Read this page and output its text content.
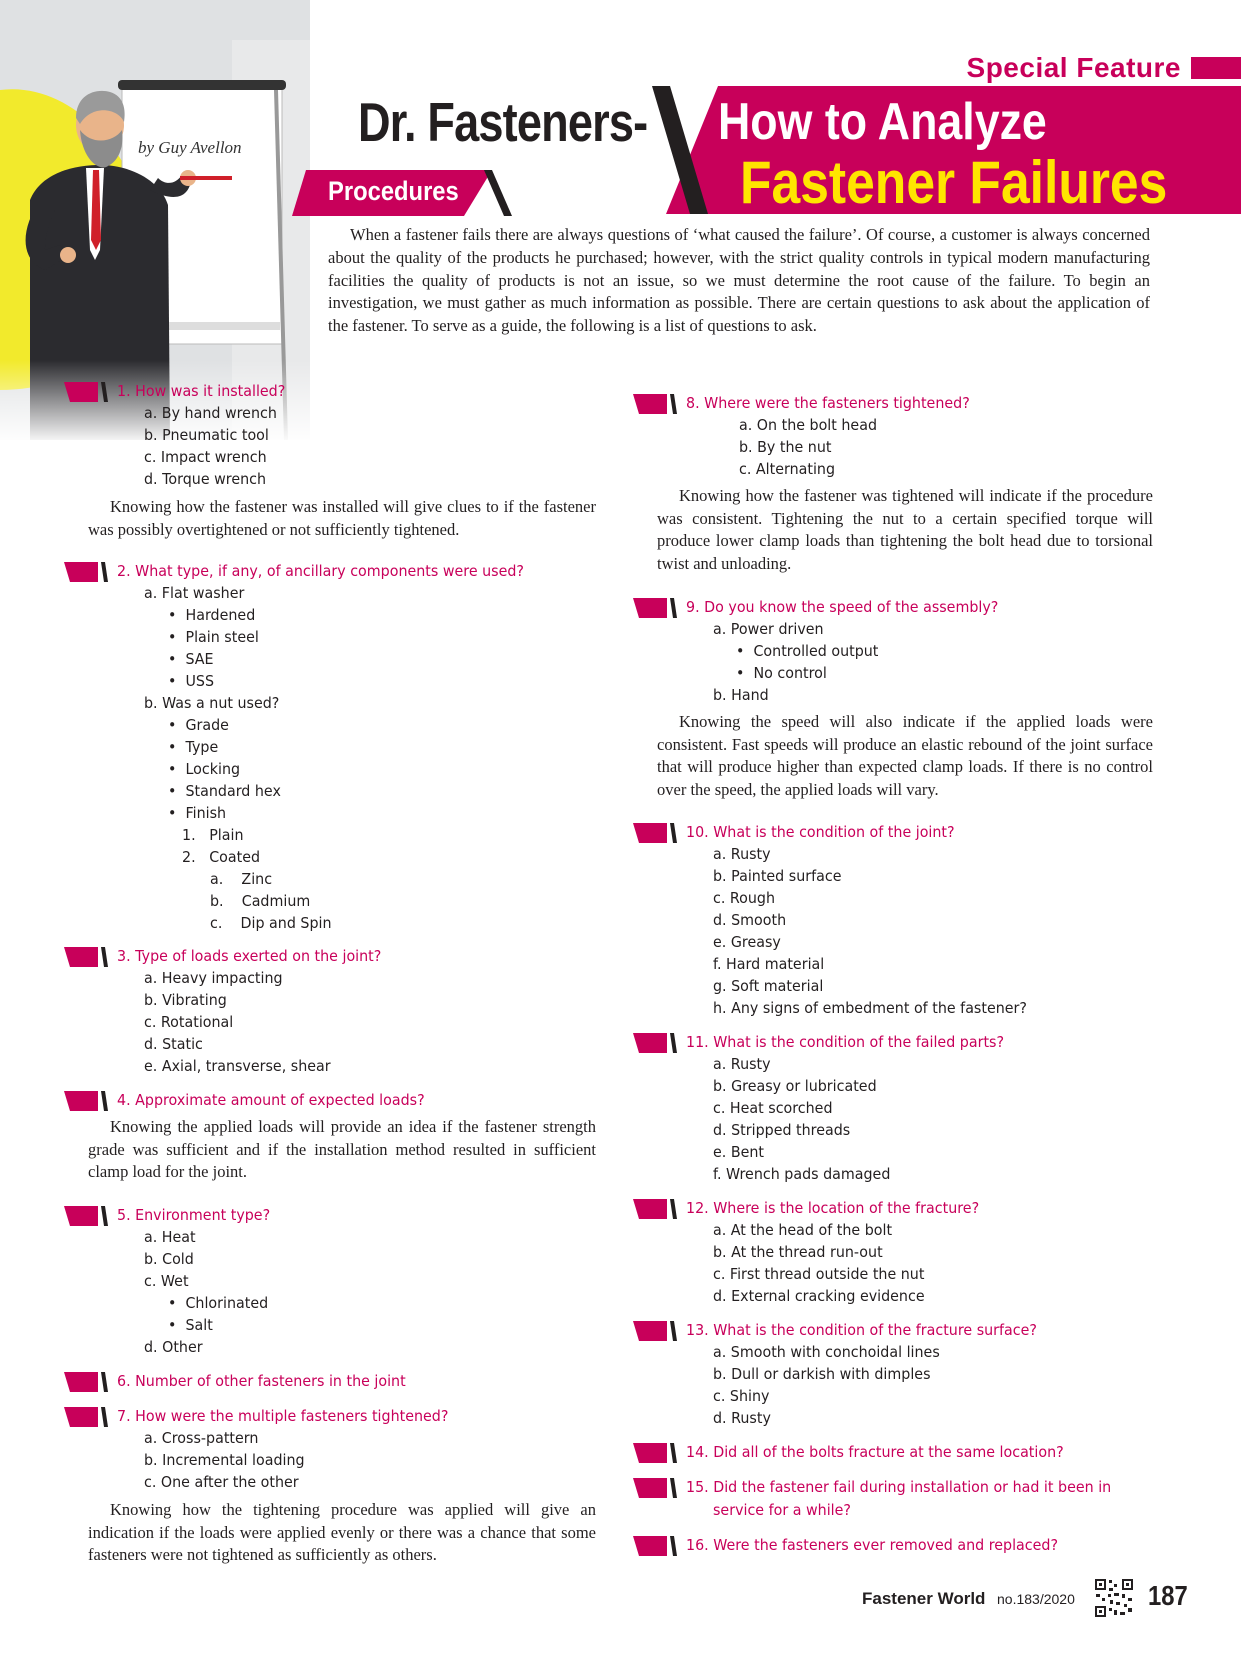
by Guy Avellon
Special Feature
Dr. Fasteners- How to Analyze
Fastener Failures
Procedures
When a fastener fails there are always questions of ‘what caused the failure’. Of course, a customer is always concerned about the quality of the products he purchased; however, with the strict quality controls in typical modern manufacturing facilities the quality of products is not an issue, so we must determine the root cause of the failure. To begin an investigation, we must gather as much information as possible. There are certain questions to ask about the application of the fastener. To serve as a guide, the following is a list of questions to ask.
1. How was it installed?
a. By hand wrench
b. Pneumatic tool
c. Impact wrench
d. Torque wrench
Knowing how the fastener was installed will give clues to if the fastener was possibly overtightened or not sufficiently tightened.
2. What type, if any, of ancillary components were used?
a. Flat washer
•  Hardened
•  Plain steel
•  SAE
•  USS
b. Was a nut used?
•  Grade
•  Type
•  Locking
•  Standard hex
•  Finish
1. Plain
2. Coated
a. Zinc
b. Cadmium
c. Dip and Spin
3. Type of loads exerted on the joint?
a. Heavy impacting
b. Vibrating
c. Rotational
d. Static
e. Axial, transverse, shear
4. Approximate amount of expected loads?
Knowing the applied loads will provide an idea if the fastener strength grade was sufficient and if the installation method resulted in sufficient clamp load for the joint.
5. Environment type?
a. Heat
b. Cold
c. Wet
•  Chlorinated
•  Salt
d. Other
6. Number of other fasteners in the joint
7. How were the multiple fasteners tightened?
a. Cross-pattern
b. Incremental loading
c. One after the other
Knowing how the tightening procedure was applied will give an indication if the loads were applied evenly or there was a chance that some fasteners were not tightened as sufficiently as others.
8. Where were the fasteners tightened?
a. On the bolt head
b. By the nut
c. Alternating
Knowing how the fastener was tightened will indicate if the procedure was consistent. Tightening the nut to a certain specified torque will produce lower clamp loads than tightening the bolt head due to torsional twist and unloading.
9. Do you know the speed of the assembly?
a. Power driven
•  Controlled output
•  No control
b. Hand
Knowing the speed will also indicate if the applied loads were consistent. Fast speeds will produce an elastic rebound of the joint surface that will produce higher than expected clamp loads. If there is no control over the speed, the applied loads will vary.
10. What is the condition of the joint?
a. Rusty
b. Painted surface
c. Rough
d. Smooth
e. Greasy
f. Hard material
g. Soft material
h. Any signs of embedment of the fastener?
11. What is the condition of the failed parts?
a. Rusty
b. Greasy or lubricated
c. Heat scorched
d. Stripped threads
e. Bent
f. Wrench pads damaged
12. Where is the location of the fracture?
a. At the head of the bolt
b. At the thread run-out
c. First thread outside the nut
d. External cracking evidence
13. What is the condition of the fracture surface?
a. Smooth with conchoidal lines
b. Dull or darkish with dimples
c. Shiny
d. Rusty
14. Did all of the bolts fracture at the same location?
15. Did the fastener fail during installation or had it been in
service for a while?
16. Were the fasteners ever removed and replaced?
Fastener World no.183/2020	187
